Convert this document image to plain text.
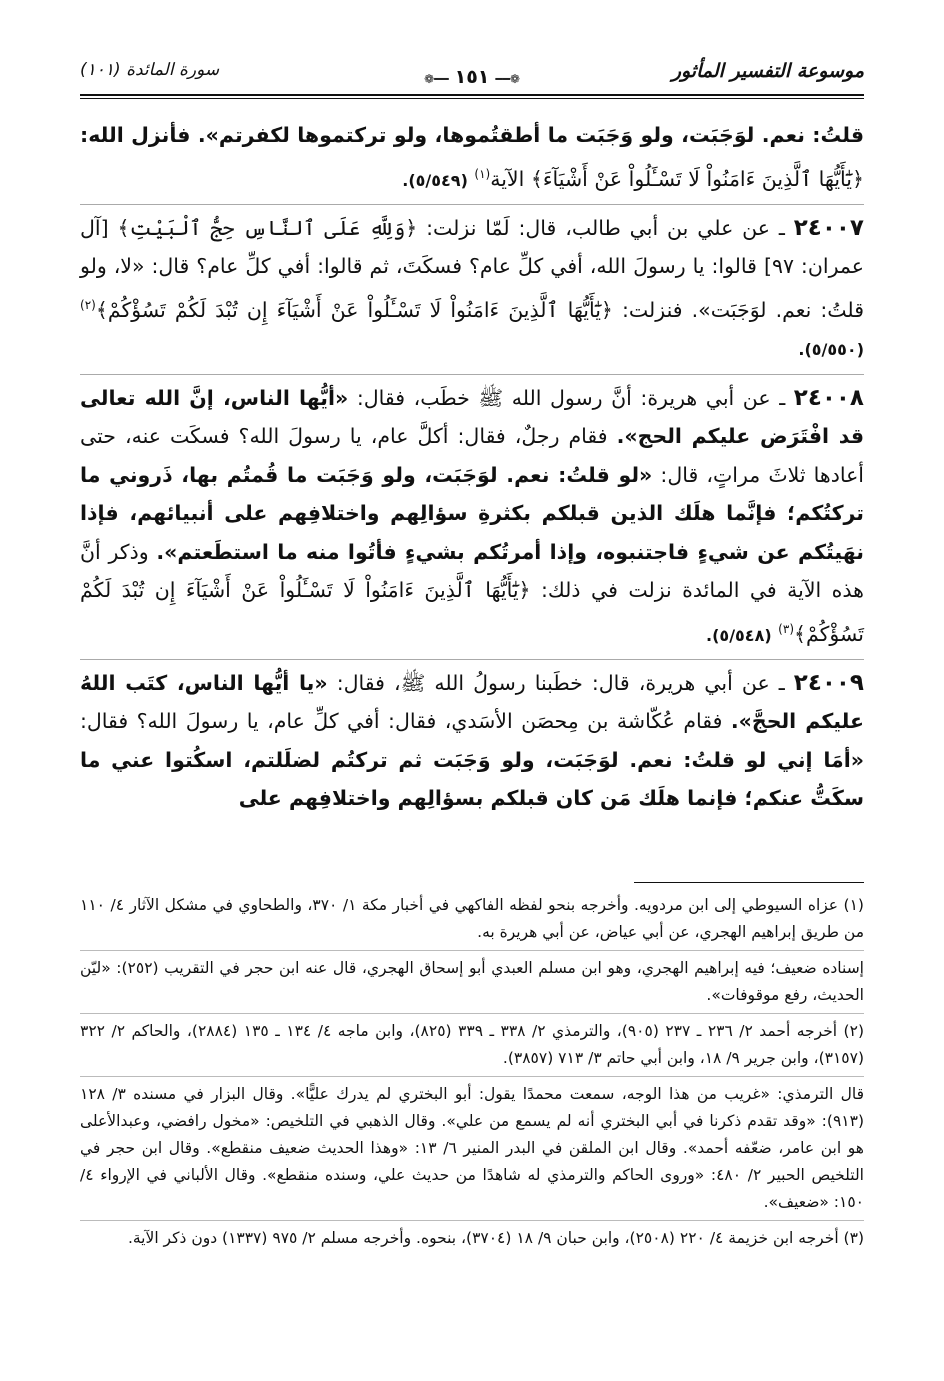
موسوعة التفسير المأثور
❁━━١٥١━━❁
سورة المائدة (١٠١)

قلتُ: نعم. لوَجَبَت، ولو وَجَبَت ما أطقتُموها، ولو تركتموها لكفرتم». فأنزل الله: ﴿يَٰٓأَيُّهَا ٱلَّذِينَ ءَامَنُواْ لَا تَسْـَٔلُواْ عَنْ أَشْيَآءَ﴾ الآية$^{(١)}$ (٥/٥٤٩).

٢٤٠٠٧ ـ عن علي بن أبي طالب، قال: لَمّا نزلت: ﴿وَلِلَّهِ عَلَى ٱلنَّاسِ حِجُّ ٱلْبَيْتِ﴾ [آل عمران: ٩٧] قالوا: يا رسولَ الله، أفي كلِّ عام؟ فسكَتَ، ثم قالوا: أفي كلِّ عام؟ قال: «لا، ولو قلتُ: نعم. لوَجَبَت». فنزلت: ﴿يَٰٓأَيُّهَا ٱلَّذِينَ ءَامَنُواْ لَا تَسْـَٔلُواْ عَنْ أَشْيَآءَ إِن تُبْدَ لَكُمْ تَسُؤْكُمْ﴾$^{(٢)}$ (٥/٥٥٠).

٢٤٠٠٨ ـ عن أبي هريرة: أنَّ رسول الله ﷺ خطَب، فقال: «أيُّها الناس، إنَّ الله تعالى قد افْتَرَض عليكم الحج». فقام رجلٌ، فقال: أكلَّ عام، يا رسولَ الله؟ فسكَت عنه، حتى أعادها ثلاثَ مراتٍ، قال: «لو قلتُ: نعم. لوَجَبَت، ولو وَجَبَت ما قُمتُم بها، ذَروني ما تركتُكم؛ فإنَّما هلَك الذين قبلكم بكثرةِ سؤالِهم واختلافِهم على أنبيائهم، فإذا نهَيتُكم عن شيءٍ فاجتنبوه، وإذا أمرتُكم بشيءٍ فأتُوا منه ما استطَعتم». وذكر أنَّ هذه الآية في المائدة نزلت في ذلك: ﴿يَٰٓأَيُّهَا ٱلَّذِينَ ءَامَنُواْ لَا تَسْـَٔلُواْ عَنْ أَشْيَآءَ إِن تُبْدَ لَكُمْ تَسُؤْكُمْ﴾$^{(٣)}$ (٥/٥٤٨).

٢٤٠٠٩ ـ عن أبي هريرة، قال: خطَبنا رسولُ الله ﷺ، فقال: «يا أيُّها الناس، كتَب اللهُ عليكم الحجَّ». فقام عُكّاشة بن مِحصَن الأسَدي، فقال: أفي كلِّ عام، يا رسولَ الله؟ فقال: «أمَا إني لو قلتُ: نعم. لوَجَبَت، ولو وَجَبَت ثم تركتُم لضلَلتم، اسكُتوا عني ما سكَتُّ عنكم؛ فإنما هلَك مَن كان قبلكم بسؤالِهم واختلافِهم على

(١) عزاه السيوطي إلى ابن مردويه. وأخرجه بنحو لفظه الفاكهي في أخبار مكة ١/ ٣٧٠، والطحاوي في مشكل الآثار ٤/ ١١٠ من طريق إبراهيم الهجري، عن أبي عياض، عن أبي هريرة به.

إسناده ضعيف؛ فيه إبراهيم الهجري، وهو ابن مسلم العبدي أبو إسحاق الهجري، قال عنه ابن حجر في التقريب (٢٥٢): «ليّن الحديث، رفع موقوفات».

(٢) أخرجه أحمد ٢/ ٢٣٦ ـ ٢٣٧ (٩٠٥)، والترمذي ٢/ ٣٣٨ ـ ٣٣٩ (٨٢٥)، وابن ماجه ٤/ ١٣٤ ـ ١٣٥ (٢٨٨٤)، والحاكم ٢/ ٣٢٢ (٣١٥٧)، وابن جرير ٩/ ١٨، وابن أبي حاتم ٣/ ٧١٣ (٣٨٥٧).

قال الترمذي: «غريب من هذا الوجه، سمعت محمدًا يقول: أبو البختري لم يدرك عليًّا». وقال البزار في مسنده ٣/ ١٢٨ (٩١٣): «وقد تقدم ذكرنا في أبي البختري أنه لم يسمع من علي». وقال الذهبي في التلخيص: «مخول رافضي، وعبدالأعلى هو ابن عامر، ضعّفه أحمد». وقال ابن الملقن في البدر المنير ٦/ ١٣: «وهذا الحديث ضعيف منقطع». وقال ابن حجر في التلخيص الحبير ٢/ ٤٨٠: «وروى الحاكم والترمذي له شاهدًا من حديث علي، وسنده منقطع». وقال الألباني في الإرواء ٤/ ١٥٠: «ضعيف».

(٣) أخرجه ابن خزيمة ٤/ ٢٢٠ (٢٥٠٨)، وابن حبان ٩/ ١٨ (٣٧٠٤)، بنحوه. وأخرجه مسلم ٢/ ٩٧٥ (١٣٣٧) دون ذكر الآية.
